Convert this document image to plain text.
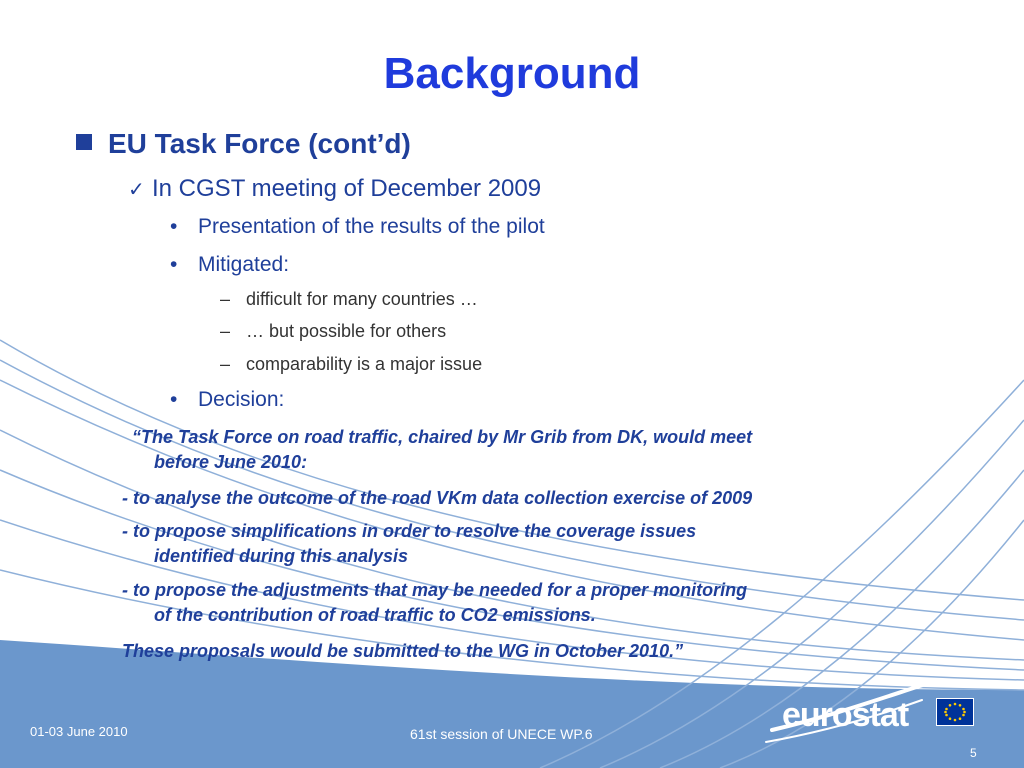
Background
EU Task Force (cont’d)
✓ In CGST meeting of December 2009
• Presentation of the results of the pilot
• Mitigated:
– difficult for many countries …
– … but possible for others
– comparability is a major issue
• Decision:
“The Task Force on road traffic, chaired by Mr Grib from DK, would meet
before June 2010:
- to analyse the outcome of the road VKm data collection exercise of 2009
- to propose simplifications in order to resolve the coverage issues
identified during this analysis
- to propose the adjustments that may be needed for a proper monitoring
of the contribution of road traffic to CO2 emissions.
These proposals would be submitted to the WG in October 2010.”
01-03 June 2010	61st session of UNECE WP.6
5
eurostat
